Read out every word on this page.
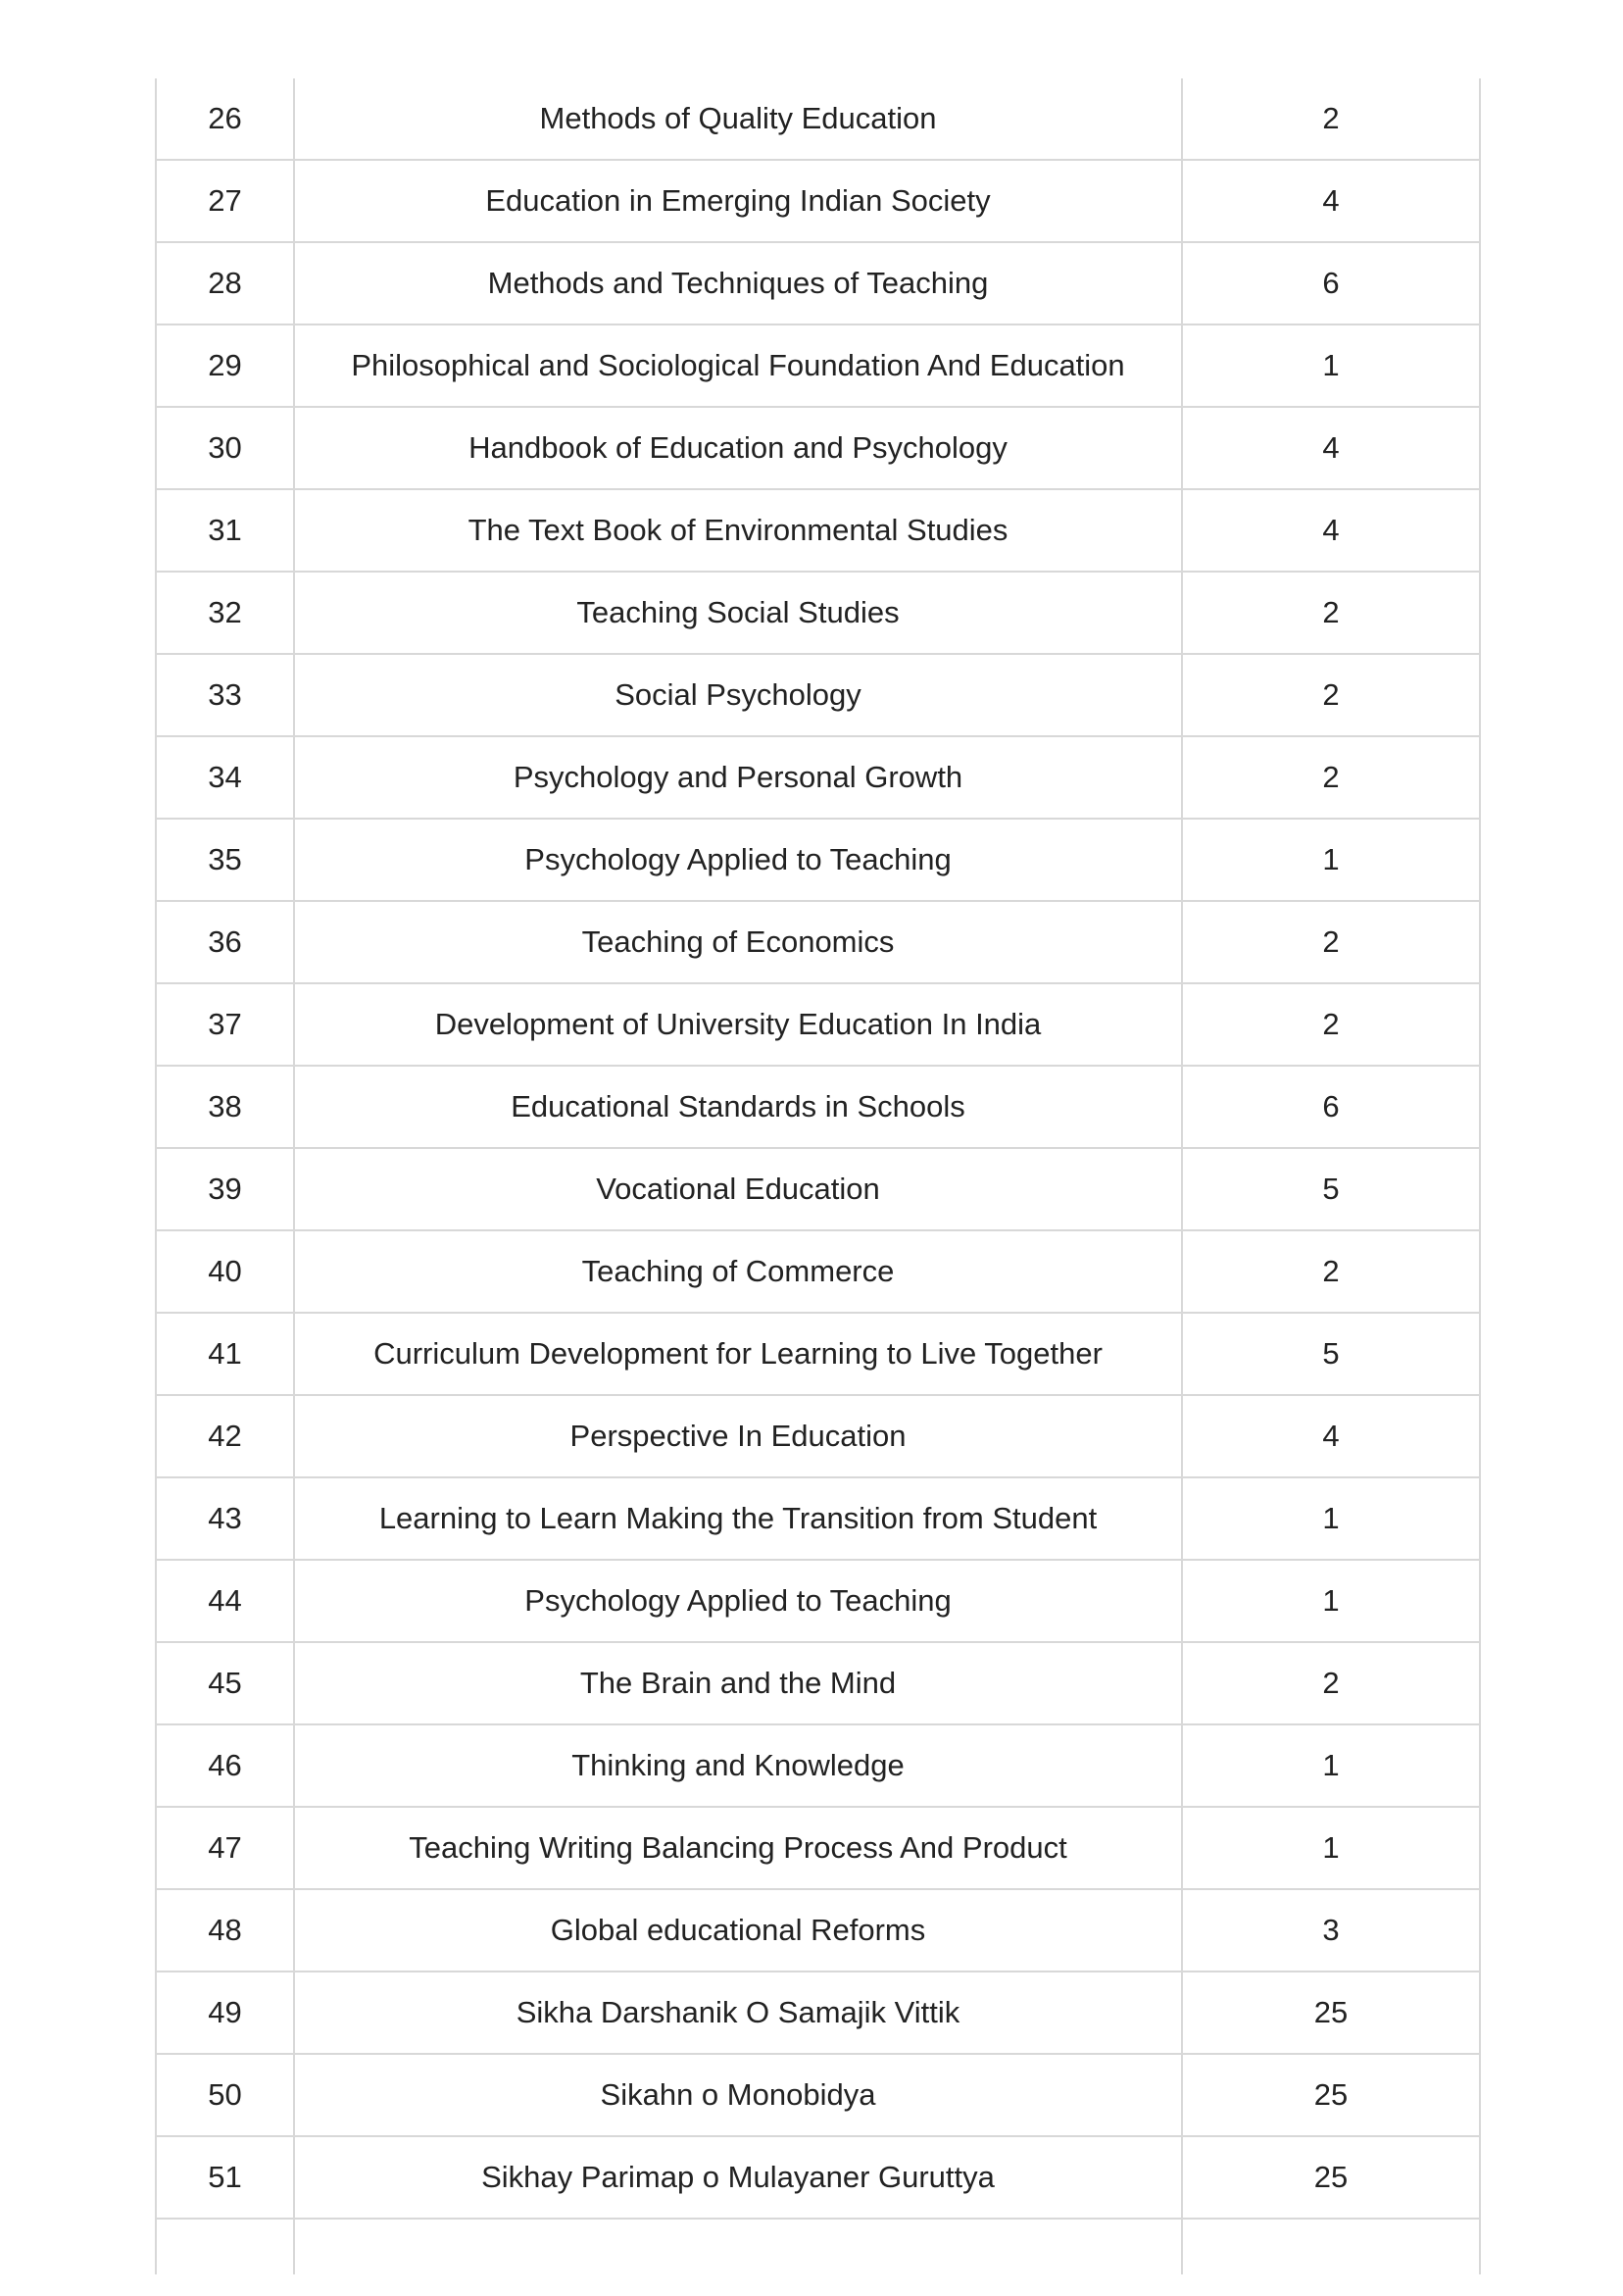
26	Methods of Quality Education	2
27	Education in Emerging Indian Society	4
28	Methods and Techniques of Teaching	6
29	Philosophical and Sociological Foundation And Education	1
30	Handbook of Education and Psychology	4
31	The Text Book of Environmental Studies	4
32	Teaching Social Studies	2
33	Social Psychology	2
34	Psychology and Personal Growth	2
35	Psychology Applied to Teaching	1
36	Teaching of Economics	2
37	Development of University Education In India	2
38	Educational Standards in Schools	6
39	Vocational Education	5
40	Teaching of Commerce	2
41	Curriculum Development for Learning to Live Together	5
42	Perspective In Education	4
43	Learning to Learn Making the Transition from Student	1
44	Psychology Applied to Teaching	1
45	The Brain and the Mind	2
46	Thinking and Knowledge	1
47	Teaching Writing Balancing Process And Product	1
48	Global educational Reforms	3
49	Sikha Darshanik O Samajik Vittik	25
50	Sikahn o Monobidya	25
51	Sikhay Parimap o Mulayaner Guruttya	25
